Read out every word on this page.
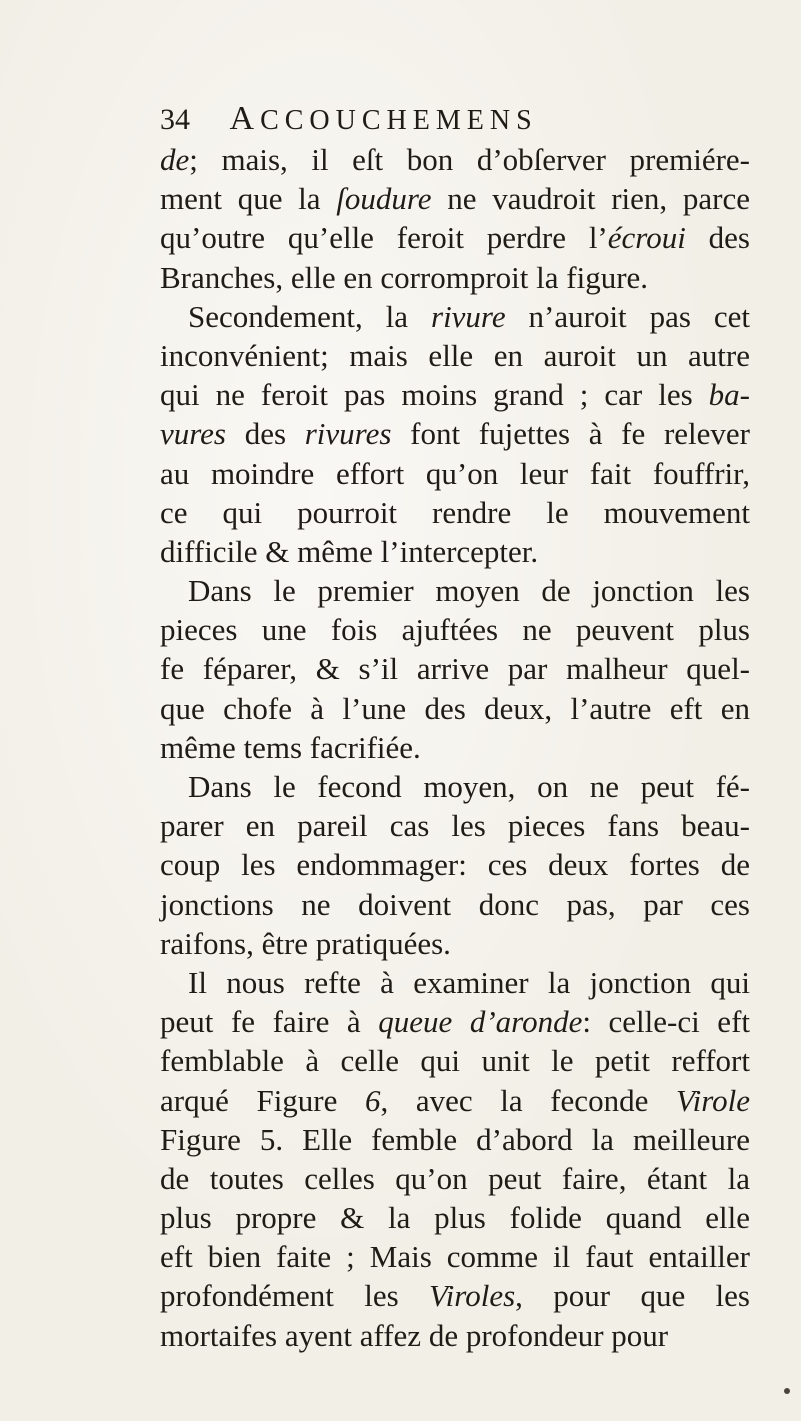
34 ACCOUCHEMENS
de; mais, il eſt bon d’obſerver premiére-
ment que la ſoudure ne vaudroit rien, parce
qu’outre qu’elle feroit perdre l’écroui des
Branches, elle en corromproit la figure.
Secondement, la rivure n’auroit pas cet
inconvénient; mais elle en auroit un autre
qui ne feroit pas moins grand ; car les ba-
vures des rivures font fujettes à fe relever
au moindre effort qu’on leur fait fouffrir,
ce qui pourroit rendre le mouvement
difficile & même l’intercepter.
Dans le premier moyen de jonction les
pieces une fois ajuftées ne peuvent plus
fe féparer, & s’il arrive par malheur quel-
que chofe à l’une des deux, l’autre eft en
même tems facrifiée.
Dans le fecond moyen, on ne peut fé-
parer en pareil cas les pieces fans beau-
coup les endommager: ces deux fortes de
jonctions ne doivent donc pas, par ces
raifons, être pratiquées.
Il nous refte à examiner la jonction qui
peut fe faire à queue d’aronde: celle-ci eft
femblable à celle qui unit le petit reffort
arqué Figure 6, avec la feconde Virole
Figure 5. Elle femble d’abord la meilleure
de toutes celles qu’on peut faire, étant la
plus propre & la plus folide quand elle
eft bien faite ; Mais comme il faut entailler
profondément les Viroles, pour que les
mortaifes ayent affez de profondeur pour
